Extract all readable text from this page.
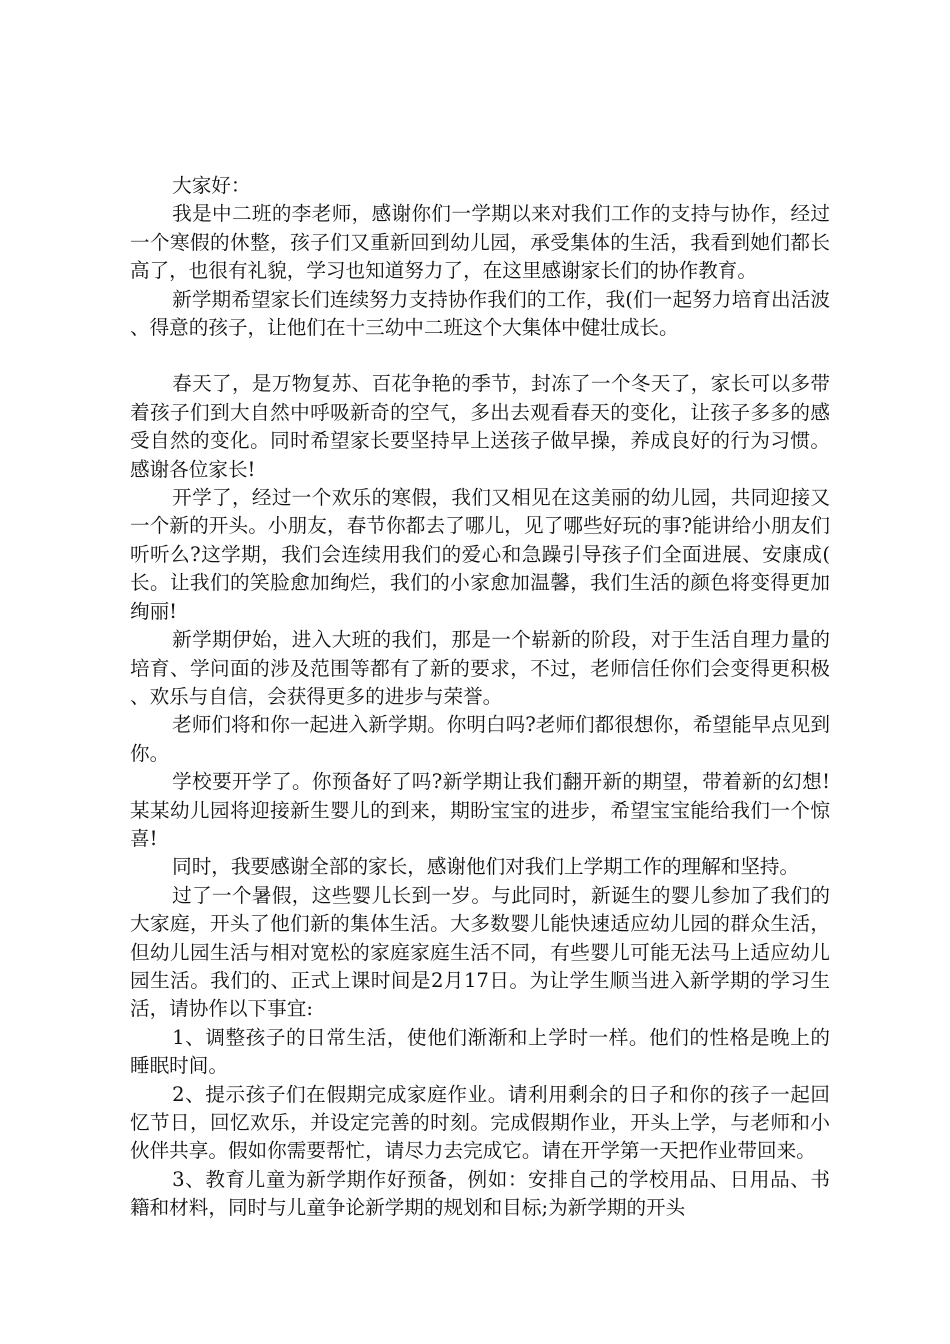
大家好：

我是中二班的李老师，感谢你们一学期以来对我们工作的支持与协作，经过一个寒假的休整，孩子们又重新回到幼儿园，承受集体的生活，我看到她们都长高了，也很有礼貌，学习也知道努力了，在这里感谢家长们的协作教育。

新学期希望家长们连续努力支持协作我们的工作，我(们一起努力培育出活波、得意的孩子，让他们在十三幼中二班这个大集体中健壮成长。

春天了，是万物复苏、百花争艳的季节，封冻了一个冬天了，家长可以多带着孩子们到大自然中呼吸新奇的空气，多出去观看春天的变化，让孩子多多的感受自然的变化。同时希望家长要坚持早上送孩子做早操，养成良好的行为习惯。感谢各位家长!

开学了，经过一个欢乐的寒假，我们又相见在这美丽的幼儿园，共同迎接又一个新的开头。小朋友，春节你都去了哪儿，见了哪些好玩的事?能讲给小朋友们听听么?这学期，我们会连续用我们的爱心和急躁引导孩子们全面进展、安康成(长。让我们的笑脸愈加绚烂，我们的小家愈加温馨，我们生活的颜色将变得更加绚丽!

新学期伊始，进入大班的我们，那是一个崭新的阶段，对于生活自理力量的培育、学问面的涉及范围等都有了新的要求，不过，老师信任你们会变得更积极、欢乐与自信，会获得更多的进步与荣誉。

老师们将和你一起进入新学期。你明白吗?老师们都很想你，希望能早点见到你。

学校要开学了。你预备好了吗?新学期让我们翻开新的期望，带着新的幻想!某某幼儿园将迎接新生婴儿的到来，期盼宝宝的进步，希望宝宝能给我们一个惊喜!

同时，我要感谢全部的家长，感谢他们对我们上学期工作的理解和坚持。

过了一个暑假，这些婴儿长到一岁。与此同时，新诞生的婴儿参加了我们的大家庭，开头了他们新的集体生活。大多数婴儿能快速适应幼儿园的群众生活，但幼儿园生活与相对宽松的家庭家庭生活不同，有些婴儿可能无法马上适应幼儿园生活。我们的、正式上课时间是2月17日。为让学生顺当进入新学期的学习生活，请协作以下事宜:

1、调整孩子的日常生活，使他们渐渐和上学时一样。他们的性格是晚上的睡眠时间。

2、提示孩子们在假期完成家庭作业。请利用剩余的日子和你的孩子一起回忆节日，回忆欢乐，并设定完善的时刻。完成假期作业，开头上学，与老师和小伙伴共享。假如你需要帮忙，请尽力去完成它。请在开学第一天把作业带回来。

3、教育儿童为新学期作好预备，例如：安排自己的学校用品、日用品、书籍和材料，同时与儿童争论新学期的规划和目标;为新学期的开头
